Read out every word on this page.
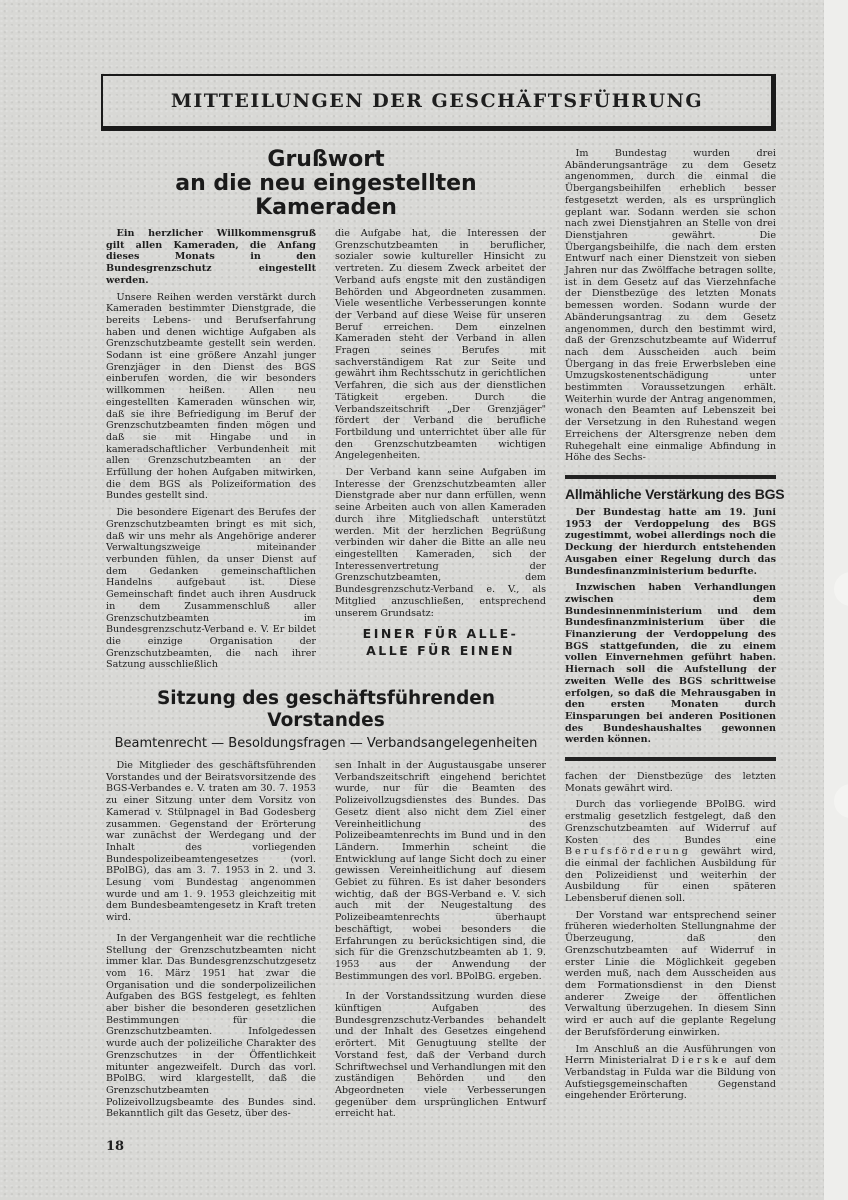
MITTEILUNGEN DER GESCHÄFTSFÜHRUNG
Grußwort
an die neu eingestellten Kameraden

Ein herzlicher Willkommensgruß gilt allen Kameraden, die Anfang dieses Monats in den Bundesgrenzschutz eingestellt werden.

Unsere Reihen werden verstärkt durch Kameraden bestimmter Dienstgrade, die bereits Lebens- und Berufserfahrung haben und denen wichtige Aufgaben als Grenzschutzbeamte gestellt sein werden. Sodann ist eine größere Anzahl junger Grenzjäger in den Dienst des BGS einberufen worden, die wir besonders willkommen heißen. Allen neu eingestellten Kameraden wünschen wir, daß sie ihre Befriedigung im Beruf der Grenzschutzbeamten finden mögen und daß sie mit Hingabe und in kameradschaftlicher Verbundenheit mit allen Grenzschutzbeamten an der Erfüllung der hohen Aufgaben mitwirken, die dem BGS als Polizeiformation des Bundes gestellt sind.

Die besondere Eigenart des Berufes der Grenzschutzbeamten bringt es mit sich, daß wir uns mehr als Angehörige anderer Verwaltungszweige miteinander verbunden fühlen, da unser Dienst auf dem Gedanken gemeinschaftlichen Handelns aufgebaut ist. Diese Gemeinschaft findet auch ihren Ausdruck in dem Zusammenschluß aller Grenzschutzbeamten im Bundesgrenzschutz-Verband e. V. Er bildet die einzige Organisation der Grenzschutzbeamten, die nach ihrer Satzung ausschließlich

die Aufgabe hat, die Interessen der Grenzschutzbeamten in beruflicher, sozialer sowie kultureller Hinsicht zu vertreten. Zu diesem Zweck arbeitet der Verband aufs engste mit den zuständigen Behörden und Abgeordneten zusammen. Viele wesentliche Verbesserungen konnte der Verband auf diese Weise für unseren Beruf erreichen. Dem einzelnen Kameraden steht der Verband in allen Fragen seines Berufes mit sachverständigem Rat zur Seite und gewährt ihm Rechtsschutz in gerichtlichen Verfahren, die sich aus der dienstlichen Tätigkeit ergeben. Durch die Verbandszeitschrift „Der Grenzjäger" fördert der Verband die berufliche Fortbildung und unterrichtet über alle für den Grenzschutzbeamten wichtigen Angelegenheiten.

Der Verband kann seine Aufgaben im Interesse der Grenzschutzbeamten aller Dienstgrade aber nur dann erfüllen, wenn seine Arbeiten auch von allen Kameraden durch ihre Mitgliedschaft unterstützt werden. Mit der herzlichen Begrüßung verbinden wir daher die Bitte an alle neu eingestellten Kameraden, sich der Interessenvertretung der Grenzschutzbeamten, dem Bundesgrenzschutz-Verband e. V., als Mitglied anzuschließen, entsprechend unserem Grundsatz:

EINER FÜR ALLE-
ALLE FÜR EINEN
Sitzung des geschäftsführenden Vorstandes
Beamtenrecht — Besoldungsfragen — Verbandsangelegenheiten

Die Mitglieder des geschäftsführenden Vorstandes und der Beiratsvorsitzende des BGS-Verbandes e. V. traten am 30. 7. 1953 zu einer Sitzung unter dem Vorsitz von Kamerad v. Stülpnagel in Bad Godesberg zusammen. Gegenstand der Erörterung war zunächst der Werdegang und der Inhalt des vorliegenden Bundespolizeibeamtengesetzes (vorl. BPolBG), das am 3. 7. 1953 in 2. und 3. Lesung vom Bundestag angenommen wurde und am 1. 9. 1953 gleichzeitig mit dem Bundesbeamtengesetz in Kraft treten wird.

In der Vergangenheit war die rechtliche Stellung der Grenzschutzbeamten nicht immer klar. Das Bundesgrenzschutzgesetz vom 16. März 1951 hat zwar die Organisation und die sonderpolizeilichen Aufgaben des BGS festgelegt, es fehlten aber bisher die besonderen gesetzlichen Bestimmungen für die Grenzschutzbeamten. Infolgedessen wurde auch der polizeiliche Charakter des Grenzschutzes in der Öffentlichkeit mitunter angezweifelt. Durch das vorl. BPolBG. wird klargestellt, daß die Grenzschutzbeamten Polizeivollzugsbeamte des Bundes sind. Bekanntlich gilt das Gesetz, über des-

sen Inhalt in der Augustausgabe unserer Verbandszeitschrift eingehend berichtet wurde, nur für die Beamten des Polizeivollzugsdienstes des Bundes. Das Gesetz dient also nicht dem Ziel einer Vereinheitlichung des Polizeibeamtenrechts im Bund und in den Ländern. Immerhin scheint die Entwicklung auf lange Sicht doch zu einer gewissen Vereinheitlichung auf diesem Gebiet zu führen. Es ist daher besonders wichtig, daß der BGS-Verband e. V. sich auch mit der Neugestaltung des Polizeibeamtenrechts überhaupt beschäftigt, wobei besonders die Erfahrungen zu berücksichtigen sind, die sich für die Grenzschutzbeamten ab 1. 9. 1953 aus der Anwendung der Bestimmungen des vorl. BPolBG. ergeben.

In der Vorstandssitzung wurden diese künftigen Aufgaben des Bundesgrenzschutz-Verbandes behandelt und der Inhalt des Gesetzes eingehend erörtert. Mit Genugtuung stellte der Vorstand fest, daß der Verband durch Schriftwechsel und Verhandlungen mit den zuständigen Behörden und den Abgeordneten viele Verbesserungen gegenüber dem ursprünglichen Entwurf erreicht hat.

18

Im Bundestag wurden drei Abänderungsanträge zu dem Gesetz angenommen, durch die einmal die Übergangsbeihilfen erheblich besser festgesetzt werden, als es ursprünglich geplant war. Sodann werden sie schon nach zwei Dienstjahren an Stelle von drei Dienstjahren gewährt. Die Übergangsbeihilfe, die nach dem ersten Entwurf nach einer Dienstzeit von sieben Jahren nur das Zwölffache betragen sollte, ist in dem Gesetz auf das Vierzehnfache der Dienstbezüge des letzten Monats bemessen worden. Sodann wurde der Abänderungsantrag zu dem Gesetz angenommen, durch den bestimmt wird, daß der Grenzschutzbeamte auf Widerruf nach dem Ausscheiden auch beim Übergang in das freie Erwerbsleben eine Umzugskostenentschädigung unter bestimmten Voraussetzungen erhält. Weiterhin wurde der Antrag angenommen, wonach den Beamten auf Lebenszeit bei der Versetzung in den Ruhestand wegen Erreichens der Altersgrenze neben dem Ruhegehalt eine einmalige Abfindung in Höhe des Sechs-

Allmähliche Verstärkung des BGS

Der Bundestag hatte am 19. Juni 1953 der Verdoppelung des BGS zugestimmt, wobei allerdings noch die Deckung der hierdurch entstehenden Ausgaben einer Regelung durch das Bundesfinanzministerium bedurfte.

Inzwischen haben Verhandlungen zwischen dem Bundesinnenministerium und dem Bundesfinanzministerium über die Finanzierung der Verdoppelung des BGS stattgefunden, die zu einem vollen Einvernehmen geführt haben. Hiernach soll die Aufstellung der zweiten Welle des BGS schrittweise erfolgen, so daß die Mehrausgaben in den ersten Monaten durch Einsparungen bei anderen Positionen des Bundeshaushaltes gewonnen werden können.

fachen der Dienstbezüge des letzten Monats gewährt wird.

Durch das vorliegende BPolBG. wird erstmalig gesetzlich festgelegt, daß den Grenzschutzbeamten auf Widerruf auf Kosten des Bundes eine Berufsförderung gewährt wird, die einmal der fachlichen Ausbildung für den Polizeidienst und weiterhin der Ausbildung für einen späteren Lebensberuf dienen soll.

Der Vorstand war entsprechend seiner früheren wiederholten Stellungnahme der Überzeugung, daß den Grenzschutzbeamten auf Widerruf in erster Linie die Möglichkeit gegeben werden muß, nach dem Ausscheiden aus dem Formationsdienst in den Dienst anderer Zweige der öffentlichen Verwaltung überzugehen. In diesem Sinn wird er auch auf die geplante Regelung der Berufsförderung einwirken.

Im Anschluß an die Ausführungen von Herrn Ministerialrat Dierske auf dem Verbandstag in Fulda war die Bildung von Aufstiegsgemeinschaften Gegenstand eingehender Erörterung.
